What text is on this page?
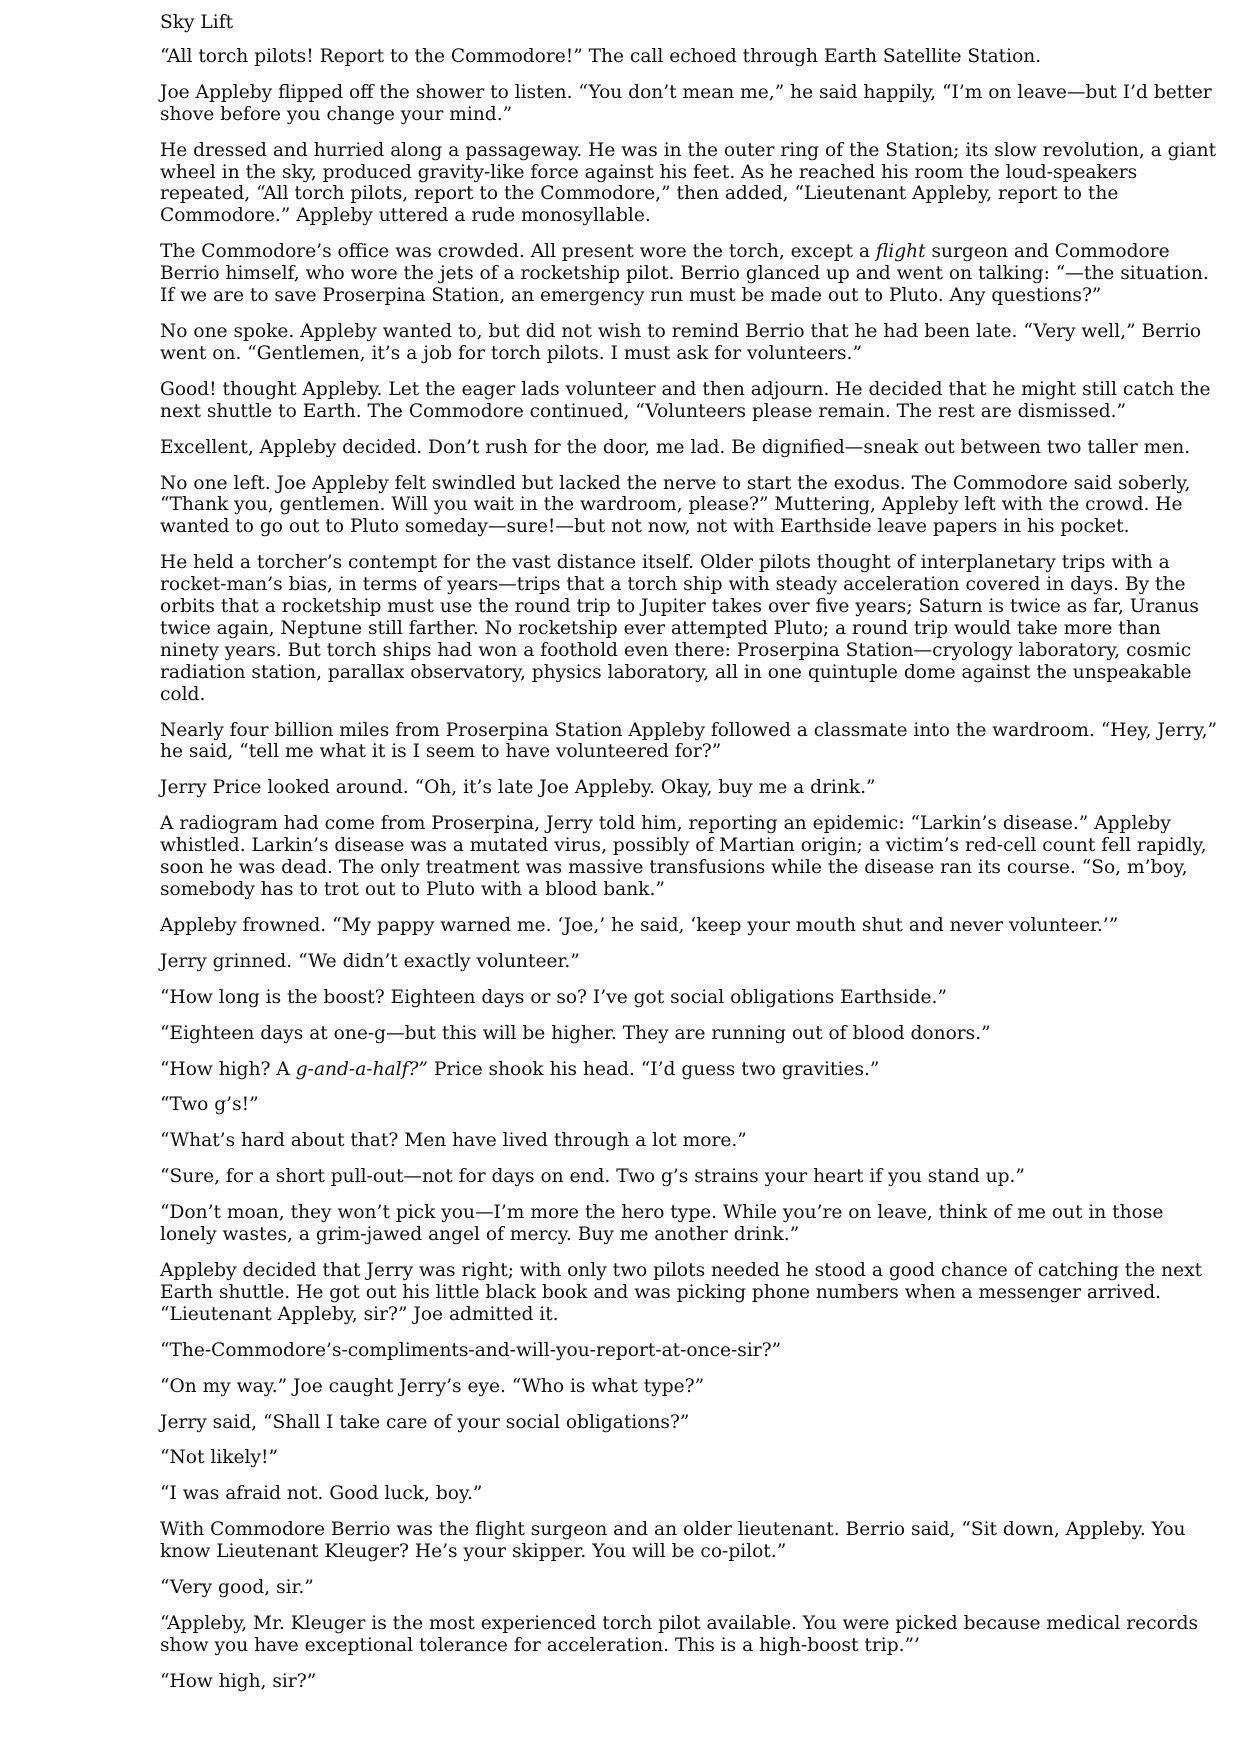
Sky Lift

“All torch pilots! Report to the Commodore!” The call echoed through Earth Satellite Station.

Joe Appleby flipped off the shower to listen. “You don’t mean me,” he said happily, “I’m on leave—but I’d better shove before you change your mind.”

He dressed and hurried along a passageway. He was in the outer ring of the Station; its slow revolution, a giant wheel in the sky, produced gravity-like force against his feet. As he reached his room the loud-speakers repeated, “All torch pilots, report to the Commodore,” then added, “Lieutenant Appleby, report to the Commodore.” Appleby uttered a rude monosyllable.

The Commodore’s office was crowded. All present wore the torch, except a flight surgeon and Commodore Berrio himself, who wore the jets of a rocketship pilot. Berrio glanced up and went on talking: “—the situation. If we are to save Proserpina Station, an emergency run must be made out to Pluto. Any questions?”

No one spoke. Appleby wanted to, but did not wish to remind Berrio that he had been late. “Very well,” Berrio went on. “Gentlemen, it’s a job for torch pilots. I must ask for volunteers.”

Good! thought Appleby. Let the eager lads volunteer and then adjourn. He decided that he might still catch the next shuttle to Earth. The Commodore continued, “Volunteers please remain. The rest are dismissed.”

Excellent, Appleby decided. Don’t rush for the door, me lad. Be dignified—sneak out between two taller men.

No one left. Joe Appleby felt swindled but lacked the nerve to start the exodus. The Commodore said soberly, “Thank you, gentlemen. Will you wait in the wardroom, please?” Muttering, Appleby left with the crowd. He wanted to go out to Pluto someday—sure!—but not now, not with Earthside leave papers in his pocket.

He held a torcher’s contempt for the vast distance itself. Older pilots thought of interplanetary trips with a rocket-man’s bias, in terms of years—trips that a torch ship with steady acceleration covered in days. By the orbits that a rocketship must use the round trip to Jupiter takes over five years; Saturn is twice as far, Uranus twice again, Neptune still farther. No rocketship ever attempted Pluto; a round trip would take more than ninety years. But torch ships had won a foothold even there: Proserpina Station—cryology laboratory, cosmic radiation station, parallax observatory, physics laboratory, all in one quintuple dome against the unspeakable cold.

Nearly four billion miles from Proserpina Station Appleby followed a classmate into the wardroom. “Hey, Jerry,” he said, “tell me what it is I seem to have volunteered for?”

Jerry Price looked around. “Oh, it’s late Joe Appleby. Okay, buy me a drink.”

A radiogram had come from Proserpina, Jerry told him, reporting an epidemic: “Larkin’s disease.” Appleby whistled. Larkin’s disease was a mutated virus, possibly of Martian origin; a victim’s red-cell count fell rapidly, soon he was dead. The only treatment was massive transfusions while the disease ran its course. “So, m’boy, somebody has to trot out to Pluto with a blood bank.”

Appleby frowned. “My pappy warned me. ‘Joe,’ he said, ‘keep your mouth shut and never volunteer.’”

Jerry grinned. “We didn’t exactly volunteer.”

“How long is the boost? Eighteen days or so? I’ve got social obligations Earthside.”

“Eighteen days at one-g—but this will be higher. They are running out of blood donors.”

“How high? A g-and-a-half?” Price shook his head. “I’d guess two gravities.”

“Two g’s!”

“What’s hard about that? Men have lived through a lot more.”

“Sure, for a short pull-out—not for days on end. Two g’s strains your heart if you stand up.”

“Don’t moan, they won’t pick you—I’m more the hero type. While you’re on leave, think of me out in those lonely wastes, a grim-jawed angel of mercy. Buy me another drink.”

Appleby decided that Jerry was right; with only two pilots needed he stood a good chance of catching the next Earth shuttle. He got out his little black book and was picking phone numbers when a messenger arrived. “Lieutenant Appleby, sir?” Joe admitted it.

“The-Commodore’s-compliments-and-will-you-report-at-once-sir?”

“On my way.” Joe caught Jerry’s eye. “Who is what type?”

Jerry said, “Shall I take care of your social obligations?”

“Not likely!”

“I was afraid not. Good luck, boy.”

With Commodore Berrio was the flight surgeon and an older lieutenant. Berrio said, “Sit down, Appleby. You know Lieutenant Kleuger? He’s your skipper. You will be co-pilot.”

“Very good, sir.”

“Appleby, Mr. Kleuger is the most experienced torch pilot available. You were picked because medical records show you have exceptional tolerance for acceleration. This is a high-boost trip.”’

“How high, sir?”
